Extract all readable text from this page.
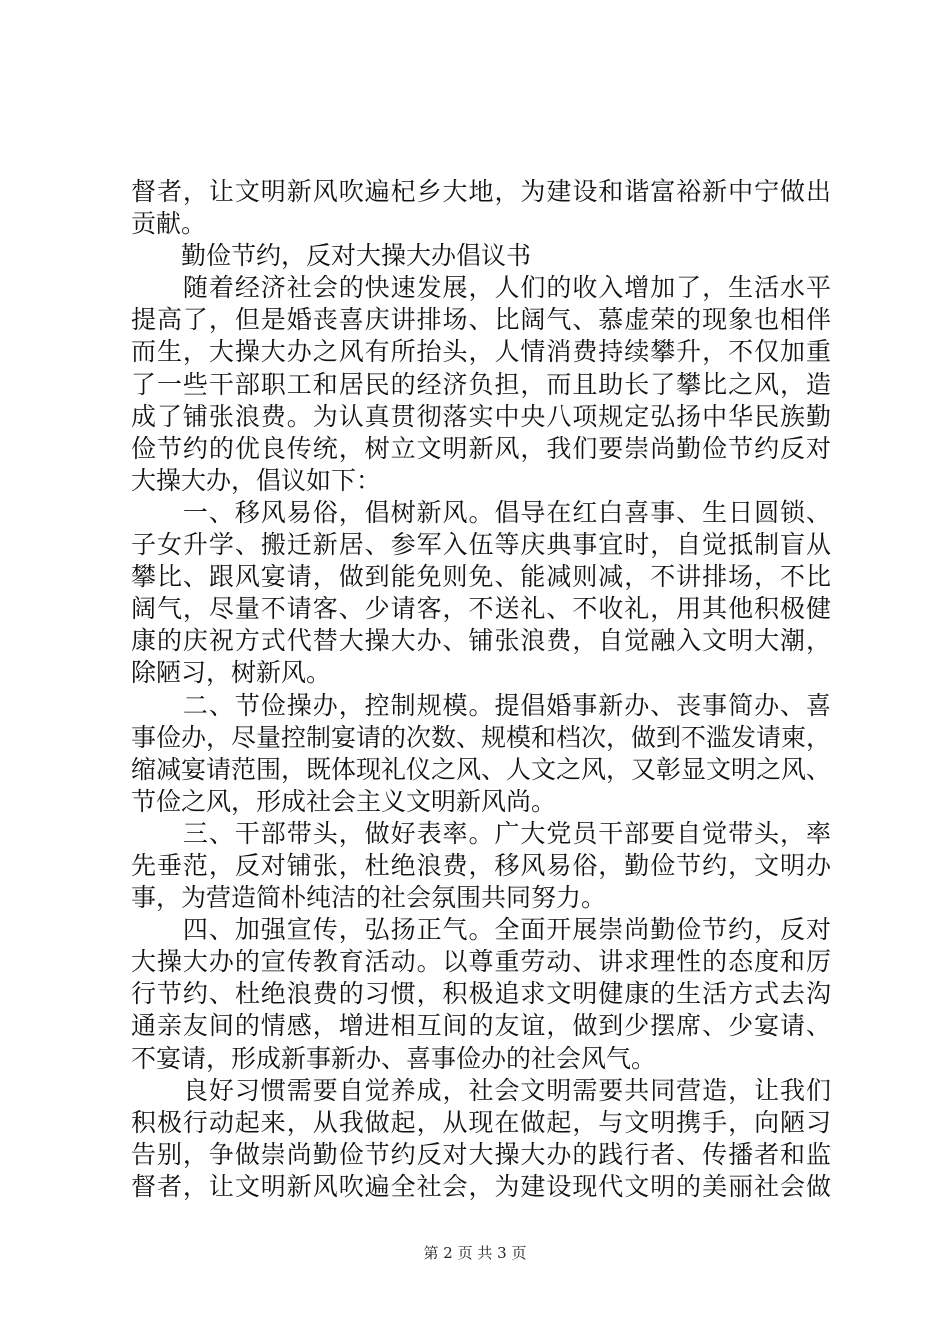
督者，让文明新风吹遍杞乡大地，为建设和谐富裕新中宁做出
贡献。
　　勤俭节约，反对大操大办倡议书
　　随着经济社会的快速发展，人们的收入增加了，生活水平
提高了，但是婚丧喜庆讲排场、比阔气、慕虚荣的现象也相伴
而生，大操大办之风有所抬头，人情消费持续攀升，不仅加重
了一些干部职工和居民的经济负担，而且助长了攀比之风，造
成了铺张浪费。为认真贯彻落实中央八项规定弘扬中华民族勤
俭节约的优良传统，树立文明新风，我们要崇尚勤俭节约反对
大操大办，倡议如下：
　　一、移风易俗，倡树新风。倡导在红白喜事、生日圆锁、
子女升学、搬迁新居、参军入伍等庆典事宜时，自觉抵制盲从
攀比、跟风宴请，做到能免则免、能减则减，不讲排场，不比
阔气，尽量不请客、少请客，不送礼、不收礼，用其他积极健
康的庆祝方式代替大操大办、铺张浪费，自觉融入文明大潮，
除陋习，树新风。
　　二、节俭操办，控制规模。提倡婚事新办、丧事简办、喜
事俭办，尽量控制宴请的次数、规模和档次，做到不滥发请柬，
缩减宴请范围，既体现礼仪之风、人文之风，又彰显文明之风、
节俭之风，形成社会主义文明新风尚。
　　三、干部带头，做好表率。广大党员干部要自觉带头，率
先垂范，反对铺张，杜绝浪费，移风易俗，勤俭节约，文明办
事，为营造简朴纯洁的社会氛围共同努力。
　　四、加强宣传，弘扬正气。全面开展崇尚勤俭节约，反对
大操大办的宣传教育活动。以尊重劳动、讲求理性的态度和厉
行节约、杜绝浪费的习惯，积极追求文明健康的生活方式去沟
通亲友间的情感，增进相互间的友谊，做到少摆席、少宴请、
不宴请，形成新事新办、喜事俭办的社会风气。
　　良好习惯需要自觉养成，社会文明需要共同营造，让我们
积极行动起来，从我做起，从现在做起，与文明携手，向陋习
告别，争做崇尚勤俭节约反对大操大办的践行者、传播者和监
督者，让文明新风吹遍全社会，为建设现代文明的美丽社会做
第 2 页 共 3 页
